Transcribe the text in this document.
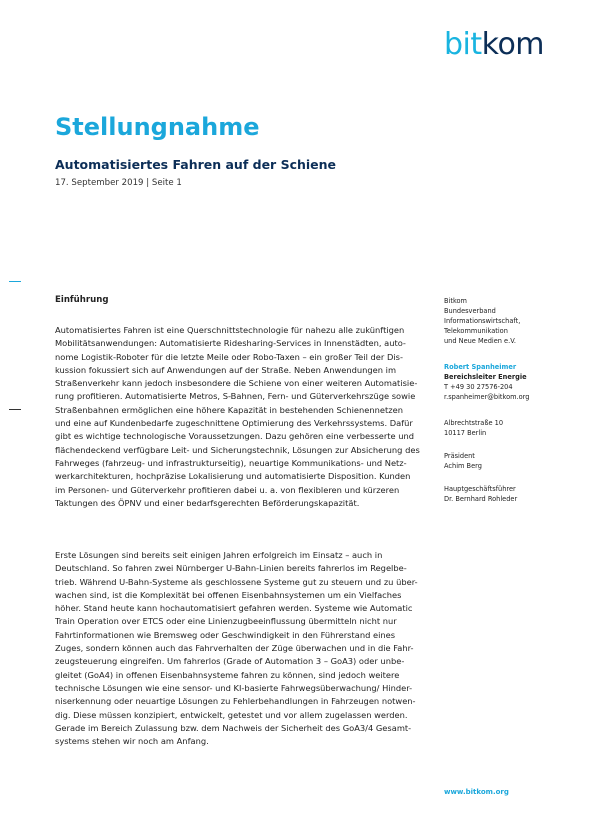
bitkom
Stellungnahme
Automatisiertes Fahren auf der Schiene
17. September 2019 | Seite 1
Einführung
Automatisiertes Fahren ist eine Querschnittstechnologie für nahezu alle zukünftigen
Mobilitätsanwendungen: Automatisierte Ridesharing-Services in Innenstädten, auto-
nome Logistik-Roboter für die letzte Meile oder Robo-Taxen – ein großer Teil der Dis-
kussion fokussiert sich auf Anwendungen auf der Straße. Neben Anwendungen im
Straßenverkehr kann jedoch insbesondere die Schiene von einer weiteren Automatisie-
rung profitieren. Automatisierte Metros, S-Bahnen, Fern- und Güterverkehrszüge sowie
Straßenbahnen ermöglichen eine höhere Kapazität in bestehenden Schienennetzen
und eine auf Kundenbedarfe zugeschnittene Optimierung des Verkehrssystems. Dafür
gibt es wichtige technologische Voraussetzungen. Dazu gehören eine verbesserte und
flächendeckend verfügbare Leit- und Sicherungstechnik, Lösungen zur Absicherung des
Fahrweges (fahrzeug- und infrastrukturseitig), neuartige Kommunikations- und Netz-
werkarchitekturen, hochpräzise Lokalisierung und automatisierte Disposition. Kunden
im Personen- und Güterverkehr profitieren dabei u. a. von flexibleren und kürzeren
Taktungen des ÖPNV und einer bedarfsgerechten Beförderungskapazität.
Erste Lösungen sind bereits seit einigen Jahren erfolgreich im Einsatz – auch in
Deutschland. So fahren zwei Nürnberger U-Bahn-Linien bereits fahrerlos im Regelbe-
trieb. Während U-Bahn-Systeme als geschlossene Systeme gut zu steuern und zu über-
wachen sind, ist die Komplexität bei offenen Eisenbahnsystemen um ein Vielfaches
höher. Stand heute kann hochautomatisiert gefahren werden. Systeme wie Automatic
Train Operation over ETCS oder eine Linienzugbeeinflussung übermitteln nicht nur
Fahrtinformationen wie Bremsweg oder Geschwindigkeit in den Führerstand eines
Zuges, sondern können auch das Fahrverhalten der Züge überwachen und in die Fahr-
zeugsteuerung eingreifen. Um fahrerlos (Grade of Automation 3 – GoA3) oder unbe-
gleitet (GoA4) in offenen Eisenbahnsysteme fahren zu können, sind jedoch weitere
technische Lösungen wie eine sensor- und KI-basierte Fahrwegsüberwachung/ Hinder-
niserkennung oder neuartige Lösungen zu Fehlerbehandlungen in Fahrzeugen notwen-
dig. Diese müssen konzipiert, entwickelt, getestet und vor allem zugelassen werden.
Gerade im Bereich Zulassung bzw. dem Nachweis der Sicherheit des GoA3/4 Gesamt-
systems stehen wir noch am Anfang.
Bitkom
Bundesverband
Informationswirtschaft,
Telekommunikation
und Neue Medien e.V.
Robert Spanheimer
Bereichsleiter Energie
T +49 30 27576-204
r.spanheimer@bitkom.org
Albrechtstraße 10
10117 Berlin
Präsident
Achim Berg
Hauptgeschäftsführer
Dr. Bernhard Rohleder
www.bitkom.org
